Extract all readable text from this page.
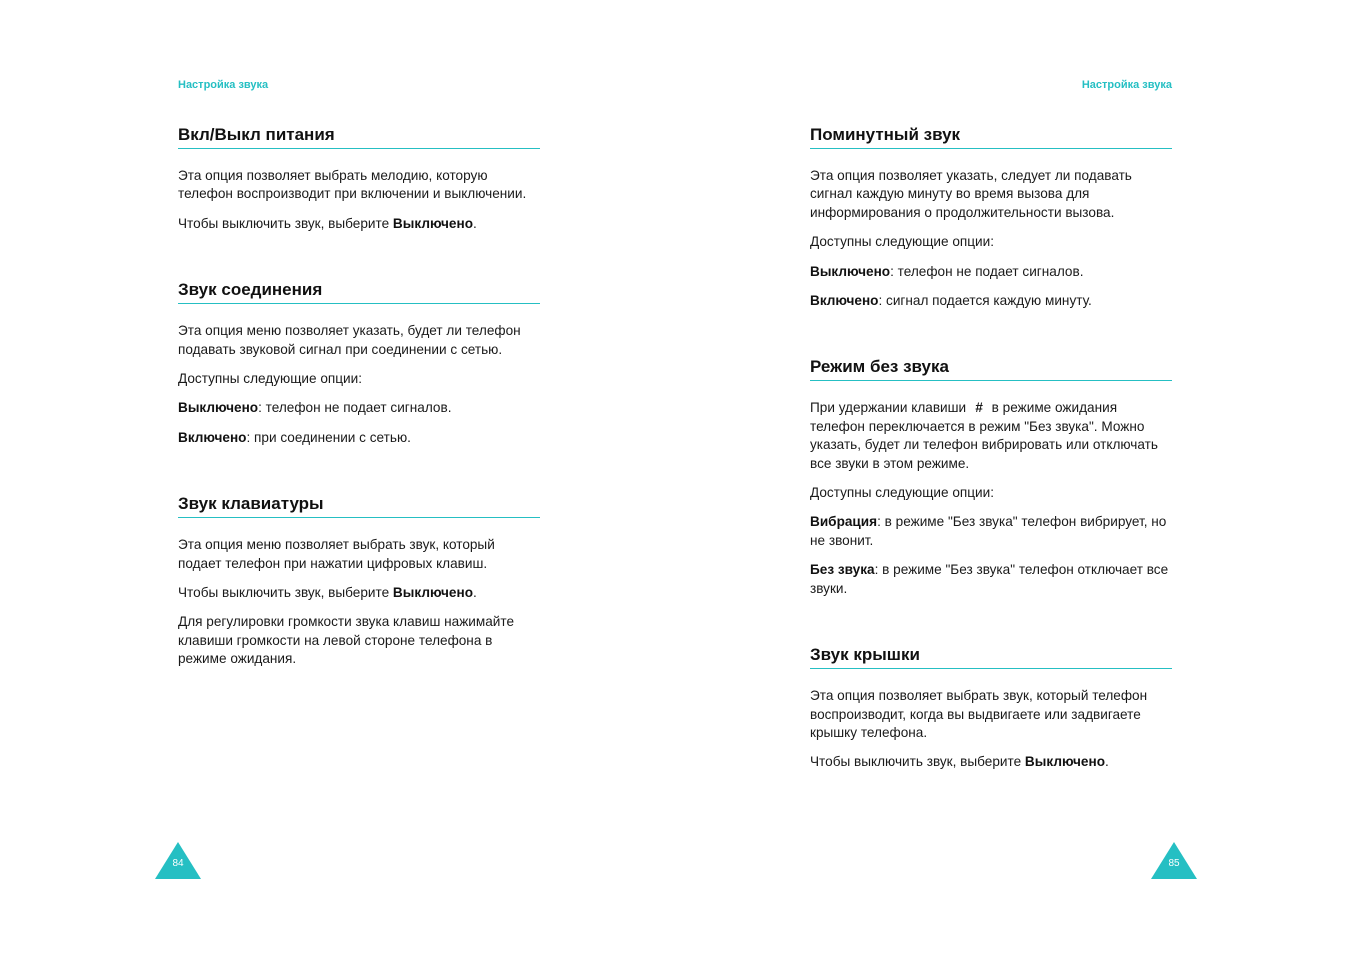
Настройка звука
Вкл/Выкл питания

Эта опция позволяет выбрать мелодию, которую телефон воспроизводит при включении и выключении.

Чтобы выключить звук, выберите Выключено.

Звук соединения

Эта опция меню позволяет указать, будет ли телефон подавать звуковой сигнал при соединении с сетью.

Доступны следующие опции:

Выключено: телефон не подает сигналов.

Включено: при соединении с сетью.

Звук клавиатуры

Эта опция меню позволяет выбрать звук, который подает телефон при нажатии цифровых клавиш.

Чтобы выключить звук, выберите Выключено.

Для регулировки громкости звука клавиш нажимайте клавиши громкости на левой стороне телефона в режиме ожидания.

84
Настройка звука
Поминутный звук

Эта опция позволяет указать, следует ли подавать сигнал каждую минуту во время вызова для информирования о продолжительности вызова.

Доступны следующие опции:

Выключено: телефон не подает сигналов.

Включено: сигнал подается каждую минуту.

Режим без звука

При удержании клавиши # в режиме ожидания телефон переключается в режим "Без звука". Можно указать, будет ли телефон вибрировать или отключать все звуки в этом режиме.

Доступны следующие опции:

Вибрация: в режиме "Без звука" телефон вибрирует, но не звонит.

Без звука: в режиме "Без звука" телефон отключает все звуки.

Звук крышки

Эта опция позволяет выбрать звук, который телефон воспроизводит, когда вы выдвигаете или задвигаете крышку телефона.

Чтобы выключить звук, выберите Выключено.

85
